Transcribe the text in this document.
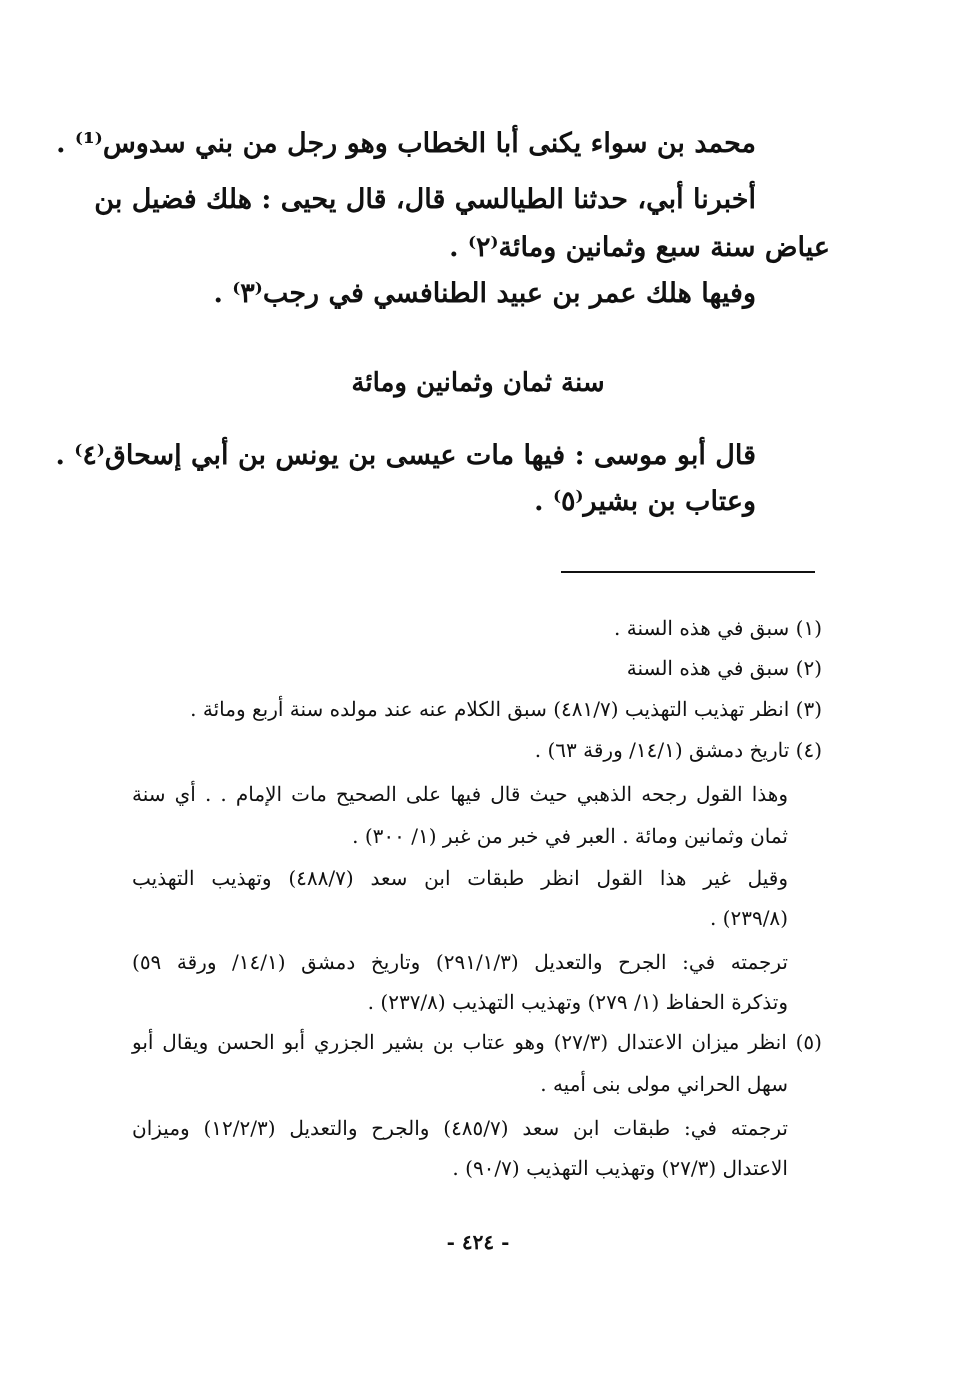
محمد بن سواء يكنى أبا الخطاب وهو رجل من بني سدوس⁽¹⁾ .
أخبرنا أبي، حدثنا الطيالسي قال، قال يحيى : هلك فضيل بن
عياض سنة سبع وثمانين ومائة⁽٢⁾ .
وفيها هلك عمر بن عبيد الطنافسي في رجب⁽٣⁾ .
سنة ثمان وثمانين ومائة
قال أبو موسى : فيها مات عيسى بن يونس بن أبي إسحاق⁽٤⁾ .
وعتاب بن بشير⁽٥⁾ .
(١) سبق في هذه السنة .
(٢) سبق في هذه السنة
(٣) انظر تهذيب التهذيب (٤٨١/٧) سبق الكلام عنه عند مولده سنة أربع ومائة .
(٤) تاريخ دمشق (١٤/١/ ورقة ٦٣) .
وهذا القول رجحه الذهبي حيث قال فيها على الصحيح مات الإمام . . أي سنة
ثمان وثمانين ومائة . العبر في خبر من غبر (١/ ٣٠٠) .
وقيل غير هذا القول انظر طبقات ابن سعد (٤٨٨/٧) وتهذيب التهذيب
(٢٣٩/٨) .
ترجمته في: الجرح والتعديل (٢٩١/١/٣) وتاريخ دمشق (١٤/١/ ورقة ٥٩)
وتذكرة الحفاظ (١/ ٢٧٩) وتهذيب التهذيب (٢٣٧/٨) .
(٥) انظر ميزان الاعتدال (٢٧/٣) وهو عتاب بن بشير الجزري أبو الحسن ويقال أبو
سهل الحراني مولى بنى أميه .
ترجمته في: طبقات ابن سعد (٤٨٥/٧) والجرح والتعديل (١٢/٢/٣) وميزان
الاعتدال (٢٧/٣) وتهذيب التهذيب (٩٠/٧) .
- ٤٢٤ -
